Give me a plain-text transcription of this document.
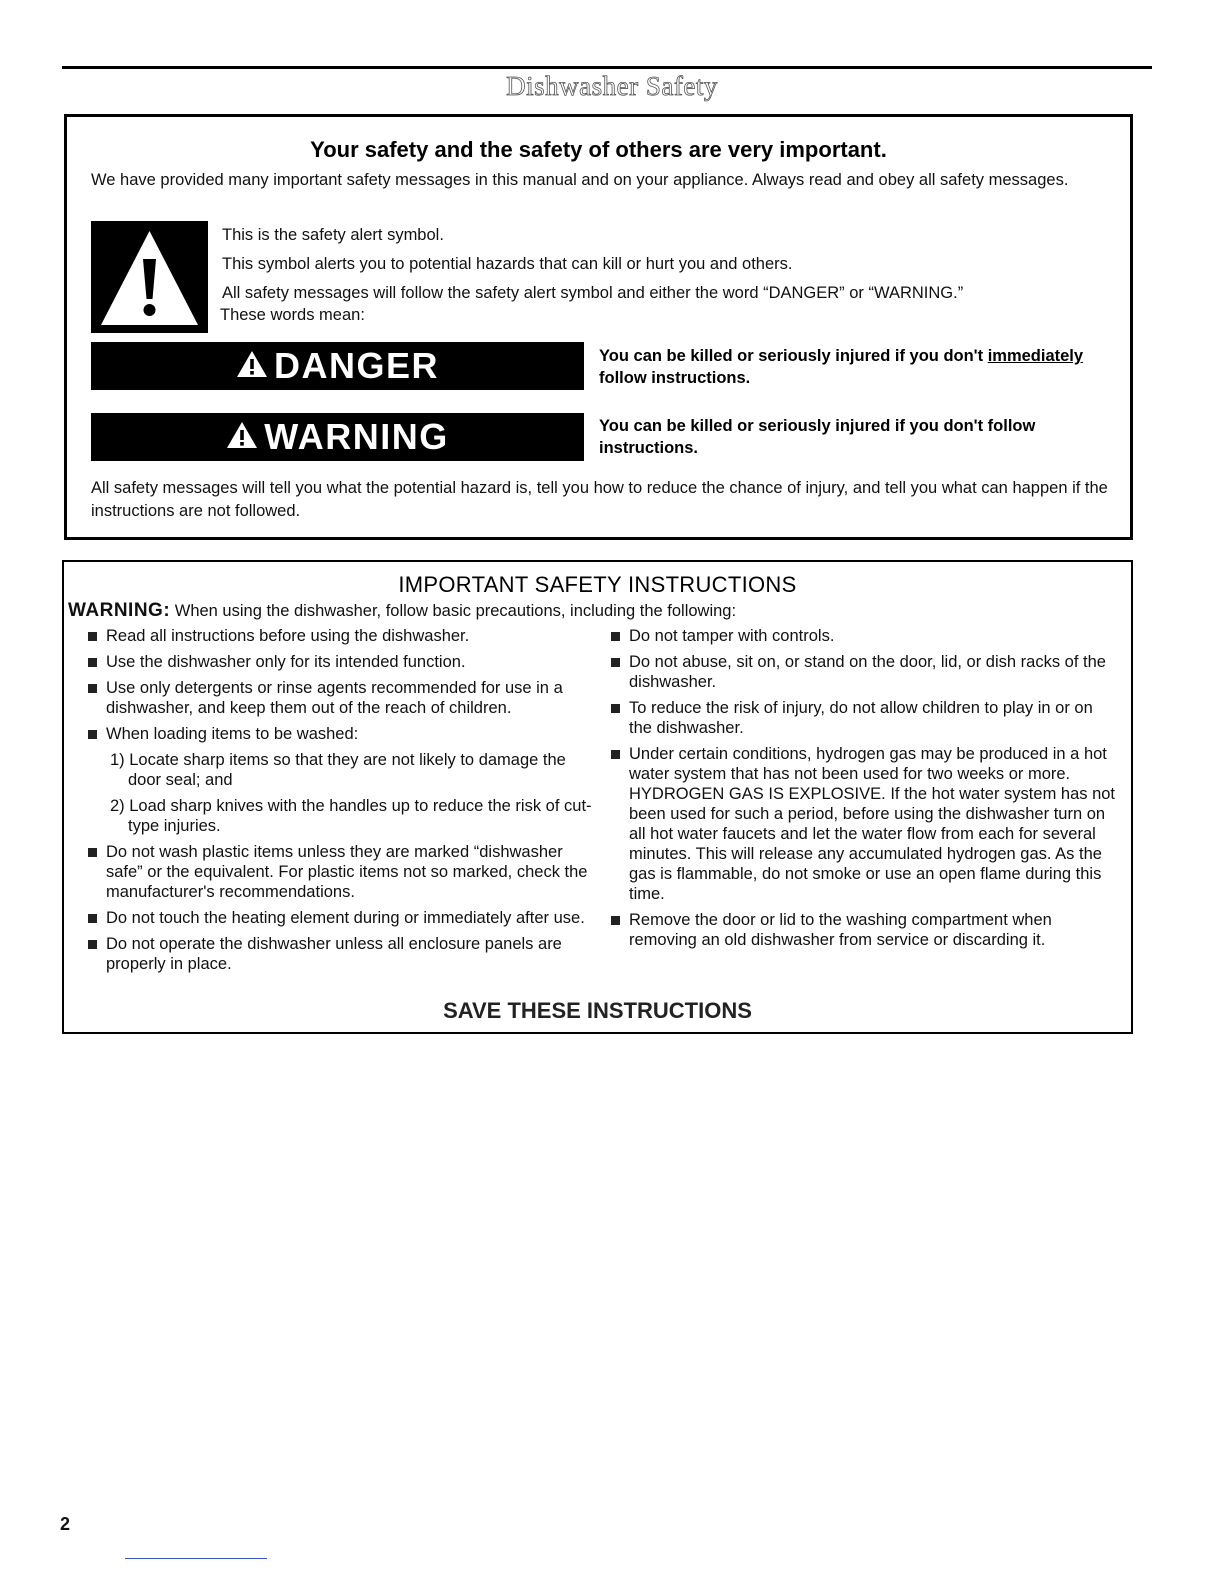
Dishwasher Safety
Your safety and the safety of others are very important.
We have provided many important safety messages in this manual and on your appliance. Always read and obey all safety messages.
This is the safety alert symbol.
This symbol alerts you to potential hazards that can kill or hurt you and others.
All safety messages will follow the safety alert symbol and either the word “DANGER” or “WARNING.”
These words mean:
DANGER	You can be killed or seriously injured if you don't immediately follow instructions.
WARNING	You can be killed or seriously injured if you don't follow instructions.
All safety messages will tell you what the potential hazard is, tell you how to reduce the chance of injury, and tell you what can happen if the instructions are not followed.
IMPORTANT SAFETY INSTRUCTIONS
WARNING: When using the dishwasher, follow basic precautions, including the following:
Read all instructions before using the dishwasher.
Use the dishwasher only for its intended function.
Use only detergents or rinse agents recommended for use in a dishwasher, and keep them out of the reach of children.
When loading items to be washed:
1) Locate sharp items so that they are not likely to damage the door seal; and
2) Load sharp knives with the handles up to reduce the risk of cut-type injuries.
Do not wash plastic items unless they are marked “dishwasher safe” or the equivalent. For plastic items not so marked, check the manufacturer's recommendations.
Do not touch the heating element during or immediately after use.
Do not operate the dishwasher unless all enclosure panels are properly in place.
Do not tamper with controls.
Do not abuse, sit on, or stand on the door, lid, or dish racks of the dishwasher.
To reduce the risk of injury, do not allow children to play in or on the dishwasher.
Under certain conditions, hydrogen gas may be produced in a hot water system that has not been used for two weeks or more. HYDROGEN GAS IS EXPLOSIVE. If the hot water system has not been used for such a period, before using the dishwasher turn on all hot water faucets and let the water flow from each for several minutes. This will release any accumulated hydrogen gas. As the gas is flammable, do not smoke or use an open flame during this time.
Remove the door or lid to the washing compartment when removing an old dishwasher from service or discarding it.
SAVE THESE INSTRUCTIONS
2
